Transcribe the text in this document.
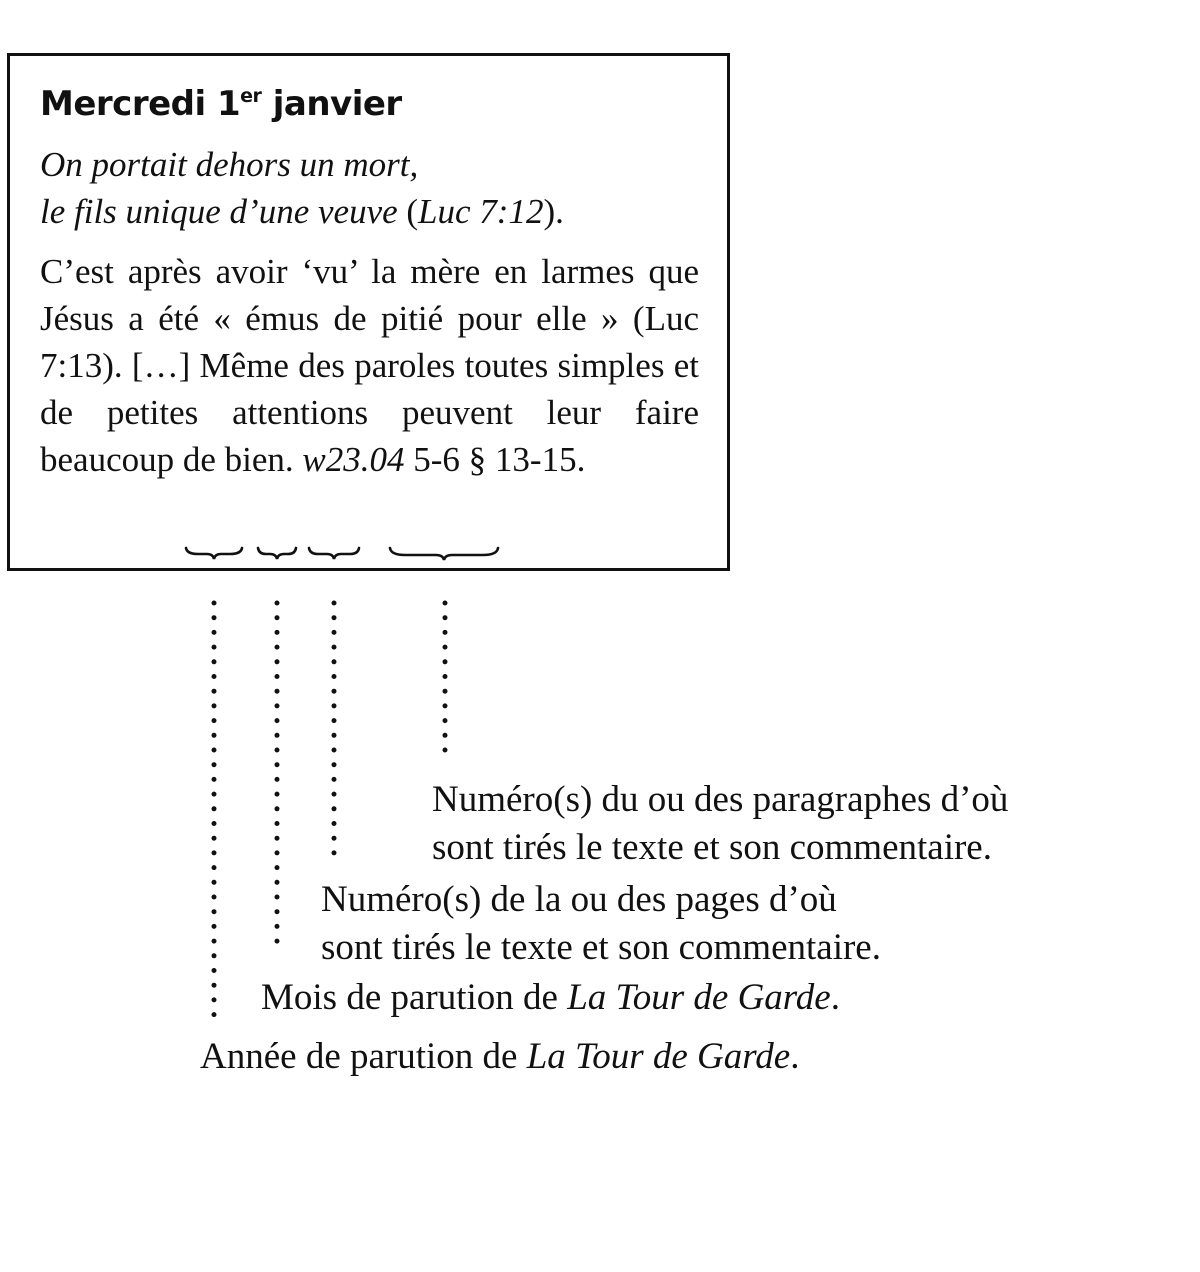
Mercredi 1er janvier
On portait dehors un mort,
le fils unique d’une veuve (Luc 7:12).

C’est après avoir ‘vu’ la mère en larmes que Jésus a été « émus de pitié pour elle » (Luc 7:13). […] Même des paroles toutes simples et de petites attentions peuvent leur faire beaucoup de bien. w23.04 5-6 § 13-15.

Numéro(s) du ou des paragraphes d’où
sont tirés le texte et son commentaire.
Numéro(s) de la ou des pages d’où
sont tirés le texte et son commentaire.
Mois de parution de La Tour de Garde.
Année de parution de La Tour de Garde.
